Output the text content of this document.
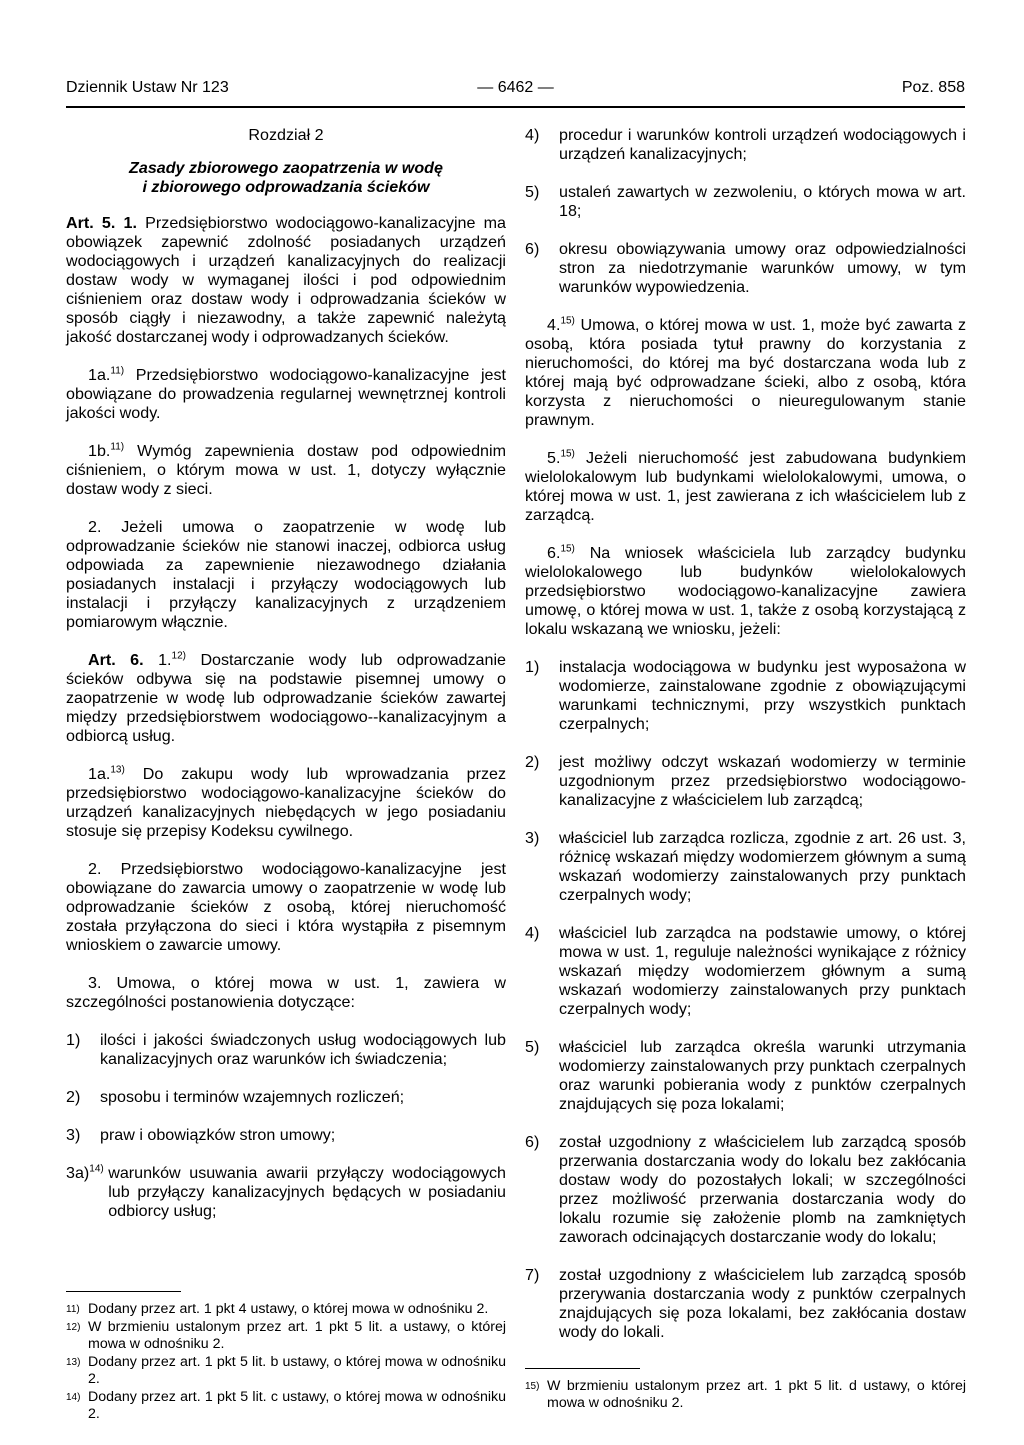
Dziennik Ustaw Nr 123	— 6462 —	Poz. 858
Rozdział 2
Zasady zbiorowego zaopatrzenia w wodę
i zbiorowego odprowadzania ścieków

Art. 5. 1. Przedsiębiorstwo wodociągowo-kanalizacyjne ma obowiązek zapewnić zdolność posiadanych urządzeń wodociągowych i urządzeń kanalizacyjnych do realizacji dostaw wody w wymaganej ilości i pod odpowiednim ciśnieniem oraz dostaw wody i odprowadzania ścieków w sposób ciągły i niezawodny, a także zapewnić należytą jakość dostarczanej wody i odprowadzanych ścieków.

1a.$^{11)}$ Przedsiębiorstwo wodociągowo-kanalizacyjne jest obowiązane do prowadzenia regularnej wewnętrznej kontroli jakości wody.

1b.$^{11)}$ Wymóg zapewnienia dostaw pod odpowiednim ciśnieniem, o którym mowa w ust. 1, dotyczy wyłącznie dostaw wody z sieci.

2. Jeżeli umowa o zaopatrzenie w wodę lub odprowadzanie ścieków nie stanowi inaczej, odbiorca usług odpowiada za zapewnienie niezawodnego działania posiadanych instalacji i przyłączy wodociągowych lub instalacji i przyłączy kanalizacyjnych z urządzeniem pomiarowym włącznie.

Art. 6. 1.$^{12)}$ Dostarczanie wody lub odprowadzanie ścieków odbywa się na podstawie pisemnej umowy o zaopatrzenie w wodę lub odprowadzanie ścieków zawartej między przedsiębiorstwem wodociągowo--kanalizacyjnym a odbiorcą usług.

1a.$^{13)}$ Do zakupu wody lub wprowadzania przez przedsiębiorstwo wodociągowo-kanalizacyjne ścieków do urządzeń kanalizacyjnych niebędących w jego posiadaniu stosuje się przepisy Kodeksu cywilnego.

2. Przedsiębiorstwo wodociągowo-kanalizacyjne jest obowiązane do zawarcia umowy o zaopatrzenie w wodę lub odprowadzanie ścieków z osobą, której nieruchomość została przyłączona do sieci i która wystąpiła z pisemnym wnioskiem o zawarcie umowy.

3. Umowa, o której mowa w ust. 1, zawiera w szczególności postanowienia dotyczące:

1)	ilości i jakości świadczonych usług wodociągowych lub kanalizacyjnych oraz warunków ich świadczenia;
2)	sposobu i terminów wzajemnych rozliczeń;
3)	praw i obowiązków stron umowy;
3a)$^{14)}$ warunków usuwania awarii przyłączy wodociągowych lub przyłączy kanalizacyjnych będących w posiadaniu odbiorcy usług;
11) Dodany przez art. 1 pkt 4 ustawy, o której mowa w odnośniku 2.
12) W brzmieniu ustalonym przez art. 1 pkt 5 lit. a ustawy, o której mowa w odnośniku 2.
13) Dodany przez art. 1 pkt 5 lit. b ustawy, o której mowa w odnośniku 2.
14) Dodany przez art. 1 pkt 5 lit. c ustawy, o której mowa w odnośniku 2.
4)	procedur i warunków kontroli urządzeń wodociągowych i urządzeń kanalizacyjnych;
5)	ustaleń zawartych w zezwoleniu, o których mowa w art. 18;
6)	okresu obowiązywania umowy oraz odpowiedzialności stron za niedotrzymanie warunków umowy, w tym warunków wypowiedzenia.

4.$^{15)}$ Umowa, o której mowa w ust. 1, może być zawarta z osobą, która posiada tytuł prawny do korzystania z nieruchomości, do której ma być dostarczana woda lub z której mają być odprowadzane ścieki, albo z osobą, która korzysta z nieruchomości o nieuregulowanym stanie prawnym.

5.$^{15)}$ Jeżeli nieruchomość jest zabudowana budynkiem wielolokalowym lub budynkami wielolokalowymi, umowa, o której mowa w ust. 1, jest zawierana z ich właścicielem lub z zarządcą.

6.$^{15)}$ Na wniosek właściciela lub zarządcy budynku wielolokalowego lub budynków wielolokalowych przedsiębiorstwo wodociągowo-kanalizacyjne zawiera umowę, o której mowa w ust. 1, także z osobą korzystającą z lokalu wskazaną we wniosku, jeżeli:

1)	instalacja wodociągowa w budynku jest wyposażona w wodomierze, zainstalowane zgodnie z obowiązującymi warunkami technicznymi, przy wszystkich punktach czerpalnych;
2)	jest możliwy odczyt wskazań wodomierzy w terminie uzgodnionym przez przedsiębiorstwo wodociągowo-kanalizacyjne z właścicielem lub zarządcą;
3)	właściciel lub zarządca rozlicza, zgodnie z art. 26 ust. 3, różnicę wskazań między wodomierzem głównym a sumą wskazań wodomierzy zainstalowanych przy punktach czerpalnych wody;
4)	właściciel lub zarządca na podstawie umowy, o której mowa w ust. 1, reguluje należności wynikające z różnicy wskazań między wodomierzem głównym a sumą wskazań wodomierzy zainstalowanych przy punktach czerpalnych wody;
5)	właściciel lub zarządca określa warunki utrzymania wodomierzy zainstalowanych przy punktach czerpalnych oraz warunki pobierania wody z punktów czerpalnych znajdujących się poza lokalami;
6)	został uzgodniony z właścicielem lub zarządcą sposób przerwania dostarczania wody do lokalu bez zakłócania dostaw wody do pozostałych lokali; w szczególności przez możliwość przerwania dostarczania wody do lokalu rozumie się założenie plomb na zamkniętych zaworach odcinających dostarczanie wody do lokalu;
7)	został uzgodniony z właścicielem lub zarządcą sposób przerywania dostarczania wody z punktów czerpalnych znajdujących się poza lokalami, bez zakłócania dostaw wody do lokali.
15) W brzmieniu ustalonym przez art. 1 pkt 5 lit. d ustawy, o której mowa w odnośniku 2.
